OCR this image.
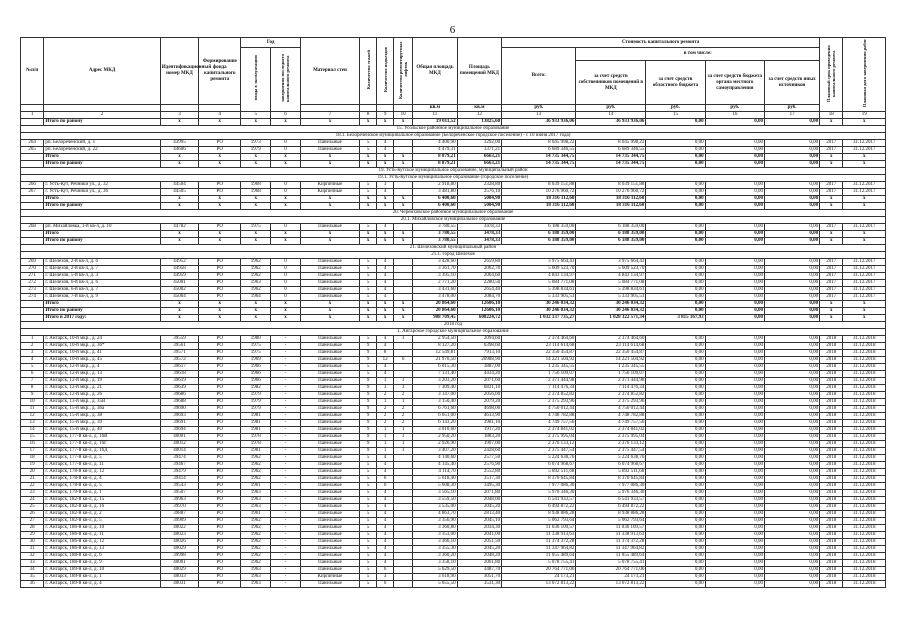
6
№п/п	Адрес МКД	Идентификационный номер МКД	Формирование фонда капитального ремонта	Год		Материал стен	Количество этажей	Количество подъездов	Количество ремонтируемых лифтов	Общая площадь МКД	Площадь помещений МКД	Стоимость капитального ремонта					Плановый срок проведения капитального ремонта	Плановая дата завершения работ
				ввода в эксплуатацию	завершения последнего капитального ремонта							Всего:	в том числе:					
													за счет средств собственников помещений в МКД	за счет средств областного бюджета	за счет средств бюджета органа местного самоуправления	за счет средств иных источников		
										кв.м	кв.м	руб.	руб.	руб.	руб.	руб.		
1	2	3	4	5	6	7	8	9	10	11	12	13	14	15	16	17	18	19
	Итого по району	x	x	x	x	x	x	x	x	19 011,52	13825,60	36 933 936,06	36 933 936,06	0,00	0,00	0,00	x	x
15. Усольское районное муниципальное образование																		
18.1. Белореченское муниципальное образование (Белореченское городское поселение) - с 10 июня 2017 года)																		
264	рп. Белореченский, д. 1	43995	РО	1973	0	Панельные	5	4		4 400,90	3292,00	8 045 998,22	8 045 998,22	0,00	0,00	0,00	2017	31.12.2017
265	рп. Белореченский, д. 22	44606	РО	1979	0	Панельные	5	4		4 479,31	3371,21	6 689 346,55	6 689 346,55	0,00	0,00	0,00	2017	31.12.2017
	Итого	x	x	x	x	x	x	x	x	8 879,21	6663,21	14 735 344,75	14 735 344,75	0,00	0,00	0,00	x	x
	Итого по району	x	x	x	x	x	x	x	x	8 879,21	6663,21	14 735 344,75	14 735 344,75	0,00	0,00	0,00	x	x
19. Усть-Кутское муниципальное образование, муниципальный район																		
19.1. Усть-Кутское муниципальное образование (городское поселение)																		
266	г. Усть-Кут, Речники ул., д. 32	44504	РО	1968	0	Кирпичные	5	3		2 918,80	2328,80	8 039 151,88	8 039 151,88	0,00	0,00	0,00	2017	31.12.2017
267	г. Усть-Кут, Речники ул., д. 36	44505	РО	1968	0	Кирпичные	5	4		3 481,80	2576,10	10 276 960,72	10 276 960,72	0,00	0,00	0,00	2017	31.12.2017
	Итого	x	x	x	x	x	x	x	x	6 400,60	5004,90	18 316 112,60	18 316 112,60	0,00	0,00	0,00	x	x
	Итого по району	x	x	x	x	x	x	x	x	6 400,60	5004,90	18 316 112,60	18 316 112,60	0,00	0,00	0,00	x	x
20. Черемховское районное муниципальное образование																		
20.1. Михайловское муниципальное образование																		
268	рп. Михайловка, 1-й кв-л, д. 10	44782	РО	1975	0	Панельные	5	4		3 780,55	3478,33	6 188 359,00	6 188 359,00	0,00	0,00	0,00	2017	31.12.2017
	Итого	x	x	x	x	x	x	x	x	3 780,55	3478,33	6 188 359,00	6 188 359,00	0,00	0,00	0,00	x	x
	Итого по району	x	x	x	x	x	x	x	x	3 780,55	3478,33	6 188 359,00	6 188 359,00	0,00	0,00	0,00	x	x
21. Шелеховский муниципальный район																		
21.1. город Шелехов																		
269	г. Шелехов, 2-й кв-л, д. 6	44952	РО	1962	0	Панельные	5	4		3 428,60	2659,80	3 975 664,43	3 975 664,43	0,00	0,00	0,00	2017	31.12.2017
270	г. Шелехов, 2-й кв-л, д. 7	44958	РО	1962	0	Панельные	5	4		3 361,70	2062,70	5 609 523,70	5 609 523,70	0,00	0,00	0,00	2017	31.12.2017
271	г. Шелехов, 5-й кв-л, д. 3	44959	РО	1962	0	Панельные	5	4		3 395,10	2064,60	4 843 134,97	4 843 134,97	0,00	0,00	0,00	2017	31.12.2017
272	г. Шелехов, 6-й кв-л, д. 6	45001	РО	1963	0	Панельные	5	4		2 771,20	2280,50	5 084 771,08	5 084 771,08	0,00	0,00	0,00	2017	31.12.2017
273	г. Шелехов, 6-й кв-л, д. 7	45002	РО	1962	0	Панельные	5	4		3 431,60	2654,40	5 398 834,61	5 398 834,61	0,00	0,00	0,00	2017	31.12.2017
274	г. Шелехов, 7-й кв-л, д. 9	45004	РО	1964	0	Панельные	5	4		3 478,00	2084,70	5 333 905,53	5 333 905,53	0,00	0,00	0,00	2017	31.12.2017
	Итого	x	x	x	x	x	x	x	x	20 864,60	12606,10	30 246 034,32	30 246 034,32	0,00	0,00	0,00	x	x
	Итого по району	x	x	x	x	x	x	x	x	20 864,60	12606,10	30 246 034,32	30 246 034,32	0,00	0,00	0,00	x	x
	Итого в 2017 году:	x	x	x	x	x	x	x	x	988 709,45	608224,72	1 032 137 735,27	1 028 322 571,34	3 815 167,93	0,00	0,00	x	x
2018 год																		
1. Ангарское городское муниципальное образование																		
1	г. Ангарск, 10-й мкр., д. 24	39559	РО	1980	-	Панельные	5	4	1	2 954,50	2094,60	2 374 464,60	2 374 464,60	0,00	0,00	0,00	2018	31.12.2018
2	г. Ангарск, 10-й мкр., д. 36*	39561	РО	1975	-	Панельные	9	4		8 127,20	6398,60	23 114 614,68	23 114 614,68	0,00	0,00	0,00	2018	31.12.2018
3	г. Ангарск, 10-й мкр., д. 41	39571	РО	1975	-	Панельные	9	8		12 549,81	7913,10	22 350 454,87	22 350 454,87	0,00	0,00	0,00	2018	31.12.2018
4	г. Ангарск, 10-й мкр., д. 45	39572	РО	1969	-	Панельные	9	12	6	21 970,50	20988,90	14 221 504,92	14 221 504,92	0,00	0,00	0,00	2018	31.12.2018
5	г. Ангарск, 12-й мкр., д. 4	39617	РО	1966	-	Панельные	5	4		6 015,30	3887,00	1 235 345,55	1 235 345,55	0,00	0,00	0,00	2018	31.12.2018
6	г. Ангарск, 12-й мкр., д. 13	39618	РО	1966	-	Панельные	5	4		7 131,40	4434,20	1 756 109,07	1 756 109,07	0,00	0,00	0,00	2018	31.12.2018
7	г. Ангарск, 12-й мкр., д. 19	39619	РО	1966	-	Панельные	9	1	1	3 203,20	2071,60	2 371 444,98	2 371 444,98	0,00	0,00	0,00	2018	31.12.2018
8	г. Ангарск, 12-й мкр., д. 21	39639	РО	1982	-	Панельные	9	3	3	7 309,40	6831,10	7 114 476,34	7 114 476,34	0,00	0,00	0,00	2018	31.12.2018
9	г. Ангарск, 12-й мкр., д. 26	39686	РО	1979	-	Панельные	9	2	2	3 147,00	2056,00	2 374 852,82	2 374 852,82	0,00	0,00	0,00	2018	31.12.2018
10	г. Ангарск, 13-й мкр., д. 35В	39688	РО	1979	-	Панельные	9	1	1	3 150,40	2079,20	2 375 293,96	2 375 293,96	0,00	0,00	0,00	2018	31.12.2018
11	г. Ангарск, 15-й мкр., д. 36а	39690	РО	1979	-	Панельные	9	2	2	6 761,60	4698,00	4 750 012,44	4 750 012,44	0,00	0,00	0,00	2018	31.12.2018
12	г. Ангарск, 15-й мкр., д. 38	39693	РО	1981	-	Панельные	9	2	2	6 651,00	4613,90	4 748 782,88	4 748 782,88	0,00	0,00	0,00	2018	31.12.2018
13	г. Ангарск, 15-й мкр., д. 39	39691	РО	1981	-	Панельные	9	2	2	6 143,20	3981,10	4 749 757,56	4 749 757,56	0,00	0,00	0,00	2018	31.12.2018
14	г. Ангарск, 15-й мкр., д. 40	39694	РО	1981	-	Панельные	9	1	1	3 010,60	1917,20	2 374 841,02	2 374 841,02	0,00	0,00	0,00	2018	31.12.2018
15	г. Ангарск, 177-й кв-л, д. 16В	40001	РО	1978	-	Панельные	9	1	1	2 950,20	1883,20	2 375 995,04	2 375 995,04	0,00	0,00	0,00	2018	31.12.2018
16	г. Ангарск, 177-й кв-л, д. 16Г	40012	РО	1978	-	Панельные	9	1	1	2 926,90	1907,00	2 376 133,12	2 376 133,12	0,00	0,00	0,00	2018	31.12.2018
17	г. Ангарск, 177-й кв-л, д. 16Д	40014	РО	1981	-	Панельные	9	1	1	3 407,20	2428,60	2 375 447,54	2 375 447,54	0,00	0,00	0,00	2018	31.12.2018
18	г. Ангарск, 177-й кв-л, д. 5	39474	РО	1962	-	Панельные	5	4		4 140,60	2577,50	5 224 638,76	5 224 638,76	0,00	0,00	0,00	2018	31.12.2018
19	г. Ангарск, 177-й кв-л, д. 11	39467	РО	1962	-	Панельные	5	4		4 145,40	2576,90	6 074 968,67	6 074 968,67	0,00	0,00	0,00	2018	31.12.2018
20	г. Ангарск, 178-й кв-л, д. 12	39479	РО	1962	-	Панельные	5	4		4 114,70	2552,80	5 892 511,68	5 892 511,68	0,00	0,00	0,00	2018	31.12.2018
21	г. Ангарск, 178-й кв-л, д. 4	39414	РО	1962	-	Панельные	5	6		5 618,40	3517,30	8 370 645,84	8 370 645,84	0,00	0,00	0,00	2018	31.12.2018
22	г. Ангарск, 178-й кв-л, д. 5	39543	РО	1961	-	Панельные	5	6		5 608,30	3495,30	7 977 086,30	7 977 086,30	0,00	0,00	0,00	2018	31.12.2018
23	г. Ангарск, 179-й кв-л, д. 1	39507	РО	1963	-	Панельные	5	4		3 565,10	2071,80	5 976 346,30	5 976 346,30	0,00	0,00	0,00	2018	31.12.2018
24	г. Ангарск, 182-й кв-л, д. 15	39963	РО	1963	-	Панельные	5	4		3 559,50	2048,00	6 541 933,57	6 541 933,57	0,00	0,00	0,00	2018	31.12.2018
25	г. Ангарск, 182-й кв-л, д. 16	39970	РО	1963	-	Панельные	5	4		3 535,00	2045,20	6 494 872,22	6 494 872,22	0,00	0,00	0,00	2018	31.12.2018
26	г. Ангарск, 182-й кв-л, д. 2	39887	РО	1961	-	Панельные	5	4		4 863,70	2813,40	8 938 886,28	8 938 886,28	0,00	0,00	0,00	2018	31.12.2018
27	г. Ангарск, 182-й кв-л, д. 5	39909	РО	1962	-	Панельные	5	4		3 356,90	2045,10	5 062 793,64	5 062 793,64	0,00	0,00	0,00	2018	31.12.2018
28	г. Ангарск, 186-й кв-л, д. 10	40022	РО	1962	-	Панельные	5	4		3 360,80	2034,30	11 036 109,57	11 036 109,57	0,00	0,00	0,00	2018	31.12.2018
29	г. Ангарск, 186-й кв-л, д. 11	40023	РО	1962	-	Панельные	5	4		3 353,00	2041,00	11 338 913,63	11 338 913,63	0,00	0,00	0,00	2018	31.12.2018
30	г. Ангарск, 186-й кв-л, д. 12	40026	РО	1962	-	Панельные	5	4		3 366,10	2051,50	11 374 372,28	11 374 372,28	0,00	0,00	0,00	2018	31.12.2018
31	г. Ангарск, 186-й кв-л, д. 13	40029	РО	1962	-	Панельные	5	4		3 355,30	2045,20	11 347 964,82	11 347 964,82	0,00	0,00	0,00	2018	31.12.2018
32	г. Ангарск, 188-й кв-л, д. 6	39998	РО	1962	-	Панельные	5	4		3 360,20	2048,20	11 055 489,64	11 055 489,64	0,00	0,00	0,00	2018	31.12.2018
33	г. Ангарск, 188-й кв-л, д. 9	40001	РО	1962	-	Панельные	5	4		3 358,10	2061,80	5 078 755,41	5 078 755,41	0,00	0,00	0,00	2018	31.12.2018
34	г. Ангарск, 189-й кв-л, д. 10	40029	РО	1963	-	Панельные	5	6		5 629,50	3487,70	20 764 771,06	20 764 771,06	0,00	0,00	0,00	2018	31.12.2018
35	г. Ангарск, 189-й кв-л, д. 1	40033	РО	1963	-	Кирпичные	5	3		3 618,90	3051,70	24 173,21	24 173,21	0,00	0,00	0,00	2018	31.12.2018
36	г. Ангарск, 189-й кв-л, д. 4	40031	РО	1963	-	Панельные	5	6		5 655,50	3531,30	13 072 813,22	13 072 813,22	0,00	0,00	0,00	2018	31.12.2018
